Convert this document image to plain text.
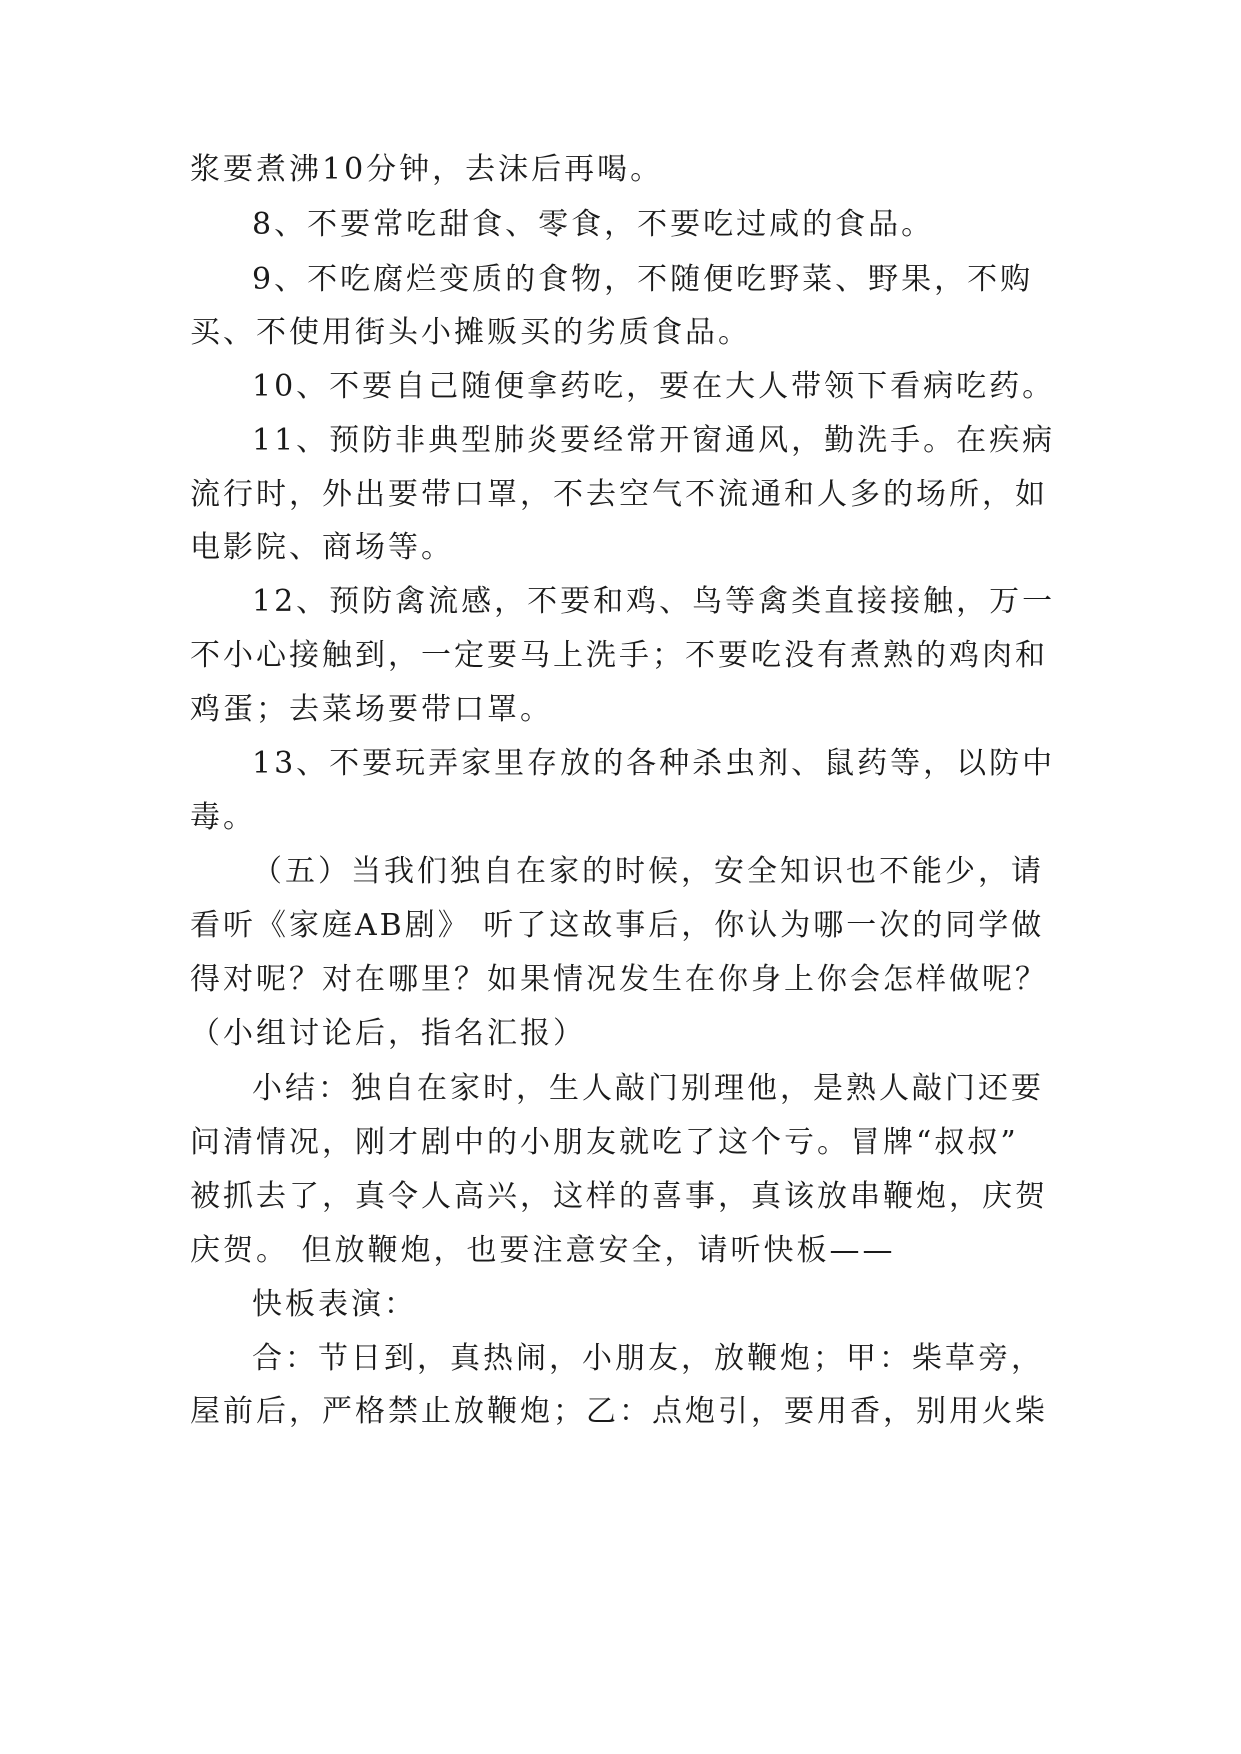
浆要煮沸10分钟，去沫后再喝。
8、不要常吃甜食、零食，不要吃过咸的食品。
9、不吃腐烂变质的食物，不随便吃野菜、野果，不购
买、不使用街头小摊贩买的劣质食品。
10、不要自己随便拿药吃，要在大人带领下看病吃药。
11、预防非典型肺炎要经常开窗通风，勤洗手。在疾病
流行时，外出要带口罩，不去空气不流通和人多的场所，如
电影院、商场等。
12、预防禽流感，不要和鸡、鸟等禽类直接接触，万一
不小心接触到，一定要马上洗手；不要吃没有煮熟的鸡肉和
鸡蛋；去菜场要带口罩。
13、不要玩弄家里存放的各种杀虫剂、鼠药等，以防中
毒。
（五）当我们独自在家的时候，安全知识也不能少，请
看听《家庭AB剧》 听了这故事后，你认为哪一次的同学做
得对呢？对在哪里？如果情况发生在你身上你会怎样做呢？
（小组讨论后，指名汇报）
小结：独自在家时，生人敲门别理他，是熟人敲门还要
问清情况，刚才剧中的小朋友就吃了这个亏。冒牌“叔叔”
被抓去了，真令人高兴，这样的喜事，真该放串鞭炮，庆贺
庆贺。 但放鞭炮，也要注意安全，请听快板——
快板表演：
合：节日到，真热闹，小朋友，放鞭炮；甲：柴草旁，
屋前后，严格禁止放鞭炮；乙：点炮引，要用香，别用火柴
